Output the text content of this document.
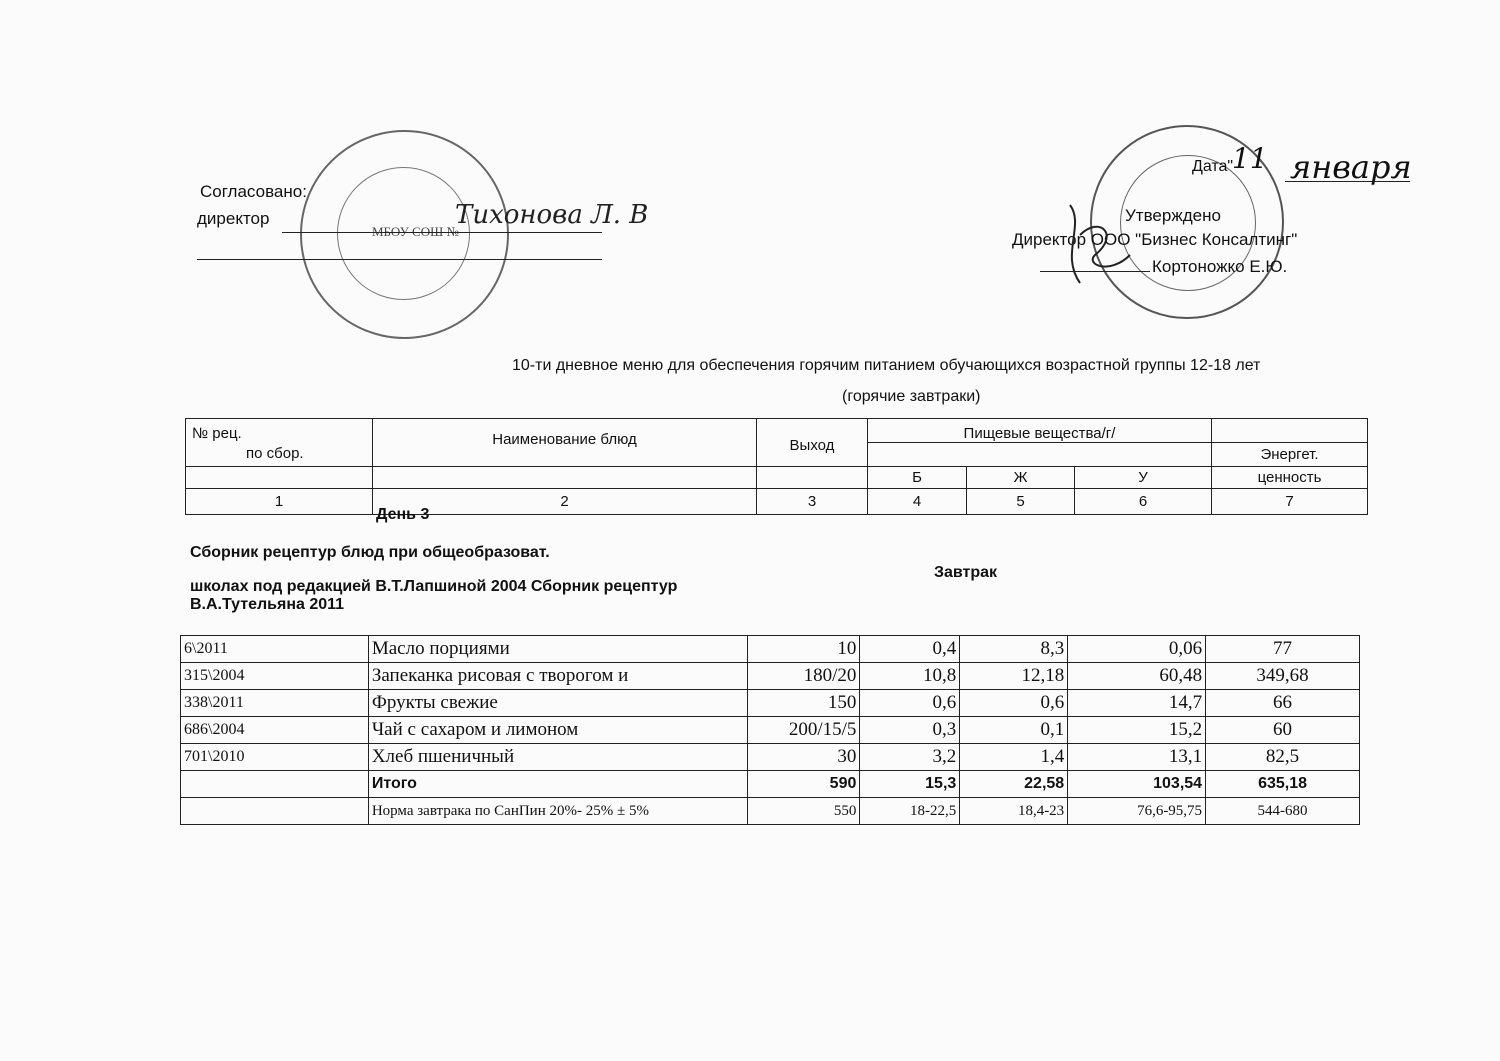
МБОУ СОШ №
Согласовано:
директор	Тихонова Л. В
Дата"
11 января
Утверждено
Директор ООО "Бизнес Консалтинг"
Кортоножко Е.Ю.
10-ти дневное меню для обеспечения горячим питанием обучающихся возрастной группы 12-18 лет
(горячие завтраки)
№ рец.
по сбор.	Наименование блюд	Выход	Пищевые вещества/г/			
						Энергет.
			Б	Ж	У	ценность
1	2	3	4	5	6	7
День 3
Сборник рецептур блюд при общеобразоват.
школах под редакцией В.Т.Лапшиной 2004 Сборник рецептур
В.А.Тутельяна 2011
Завтрак
6\2011	Масло порциями	10	0,4	8,3	0,06	77
315\2004	Запеканка рисовая с творогом и	180/20	10,8	12,18	60,48	349,68
338\2011	Фрукты свежие	150	0,6	0,6	14,7	66
686\2004	Чай с сахаром и лимоном	200/15/5	0,3	0,1	15,2	60
701\2010	Хлеб пшеничный	30	3,2	1,4	13,1	82,5
	Итого	590	15,3	22,58	103,54	635,18
	Норма завтрака по СанПин 20%- 25% ± 5%	550	18-22,5	18,4-23	76,6-95,75	544-680
